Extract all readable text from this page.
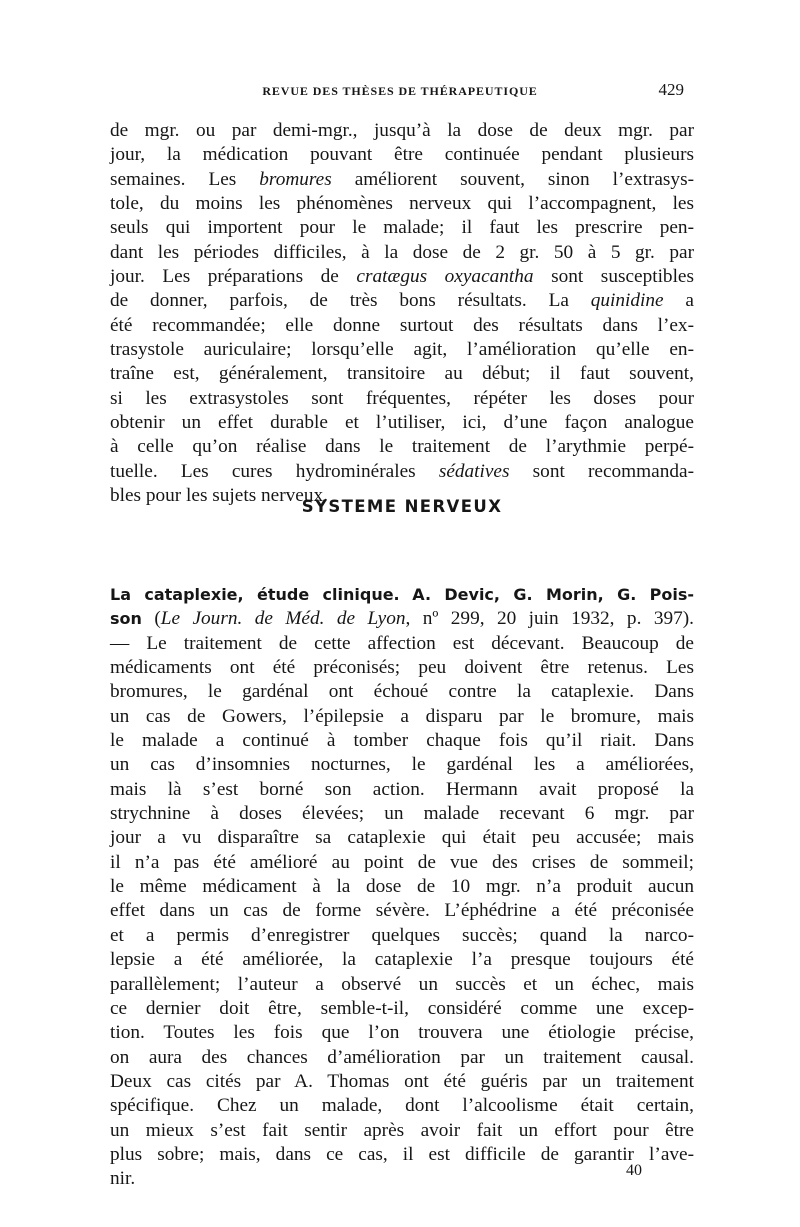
REVUE DES THÈSES DE THÉRAPEUTIQUE	429

de mgr. ou par demi-mgr., jusqu’à la dose de deux mgr. par
jour, la médication pouvant être continuée pendant plusieurs
semaines. Les bromures améliorent souvent, sinon l’extrasys-
tole, du moins les phénomènes nerveux qui l’accompagnent, les
seuls qui importent pour le malade; il faut les prescrire pen-
dant les périodes difficiles, à la dose de 2 gr. 50 à 5 gr. par
jour. Les préparations de cratægus oxyacantha sont susceptibles
de donner, parfois, de très bons résultats. La quinidine a
été recommandée; elle donne surtout des résultats dans l’ex-
trasystole auriculaire; lorsqu’elle agit, l’amélioration qu’elle en-
traîne est, généralement, transitoire au début; il faut souvent,
si les extrasystoles sont fréquentes, répéter les doses pour
obtenir un effet durable et l’utiliser, ici, d’une façon analogue
à celle qu’on réalise dans le traitement de l’arythmie perpé-
tuelle. Les cures hydrominérales sédatives sont recommanda-
bles pour les sujets nerveux.

SYSTEME NERVEUX

La cataplexie, étude clinique. A. Devic, G. Morin, G. Pois-
son (Le Journ. de Méd. de Lyon, nº 299, 20 juin 1932, p. 397).
— Le traitement de cette affection est décevant. Beaucoup de
médicaments ont été préconisés; peu doivent être retenus. Les
bromures, le gardénal ont échoué contre la cataplexie. Dans
un cas de Gowers, l’épilepsie a disparu par le bromure, mais
le malade a continué à tomber chaque fois qu’il riait. Dans
un cas d’insomnies nocturnes, le gardénal les a améliorées,
mais là s’est borné son action. Hermann avait proposé la
strychnine à doses élevées; un malade recevant 6 mgr. par
jour a vu disparaître sa cataplexie qui était peu accusée; mais
il n’a pas été amélioré au point de vue des crises de sommeil;
le même médicament à la dose de 10 mgr. n’a produit aucun
effet dans un cas de forme sévère. L’éphédrine a été préconisée
et a permis d’enregistrer quelques succès; quand la narco-
lepsie a été améliorée, la cataplexie l’a presque toujours été
parallèlement; l’auteur a observé un succès et un échec, mais
ce dernier doit être, semble-t-il, considéré comme une excep-
tion. Toutes les fois que l’on trouvera une étiologie précise,
on aura des chances d’amélioration par un traitement causal.
Deux cas cités par A. Thomas ont été guéris par un traitement
spécifique. Chez un malade, dont l’alcoolisme était certain,
un mieux s’est fait sentir après avoir fait un effort pour être
plus sobre; mais, dans ce cas, il est difficile de garantir l’ave-
nir.	40
